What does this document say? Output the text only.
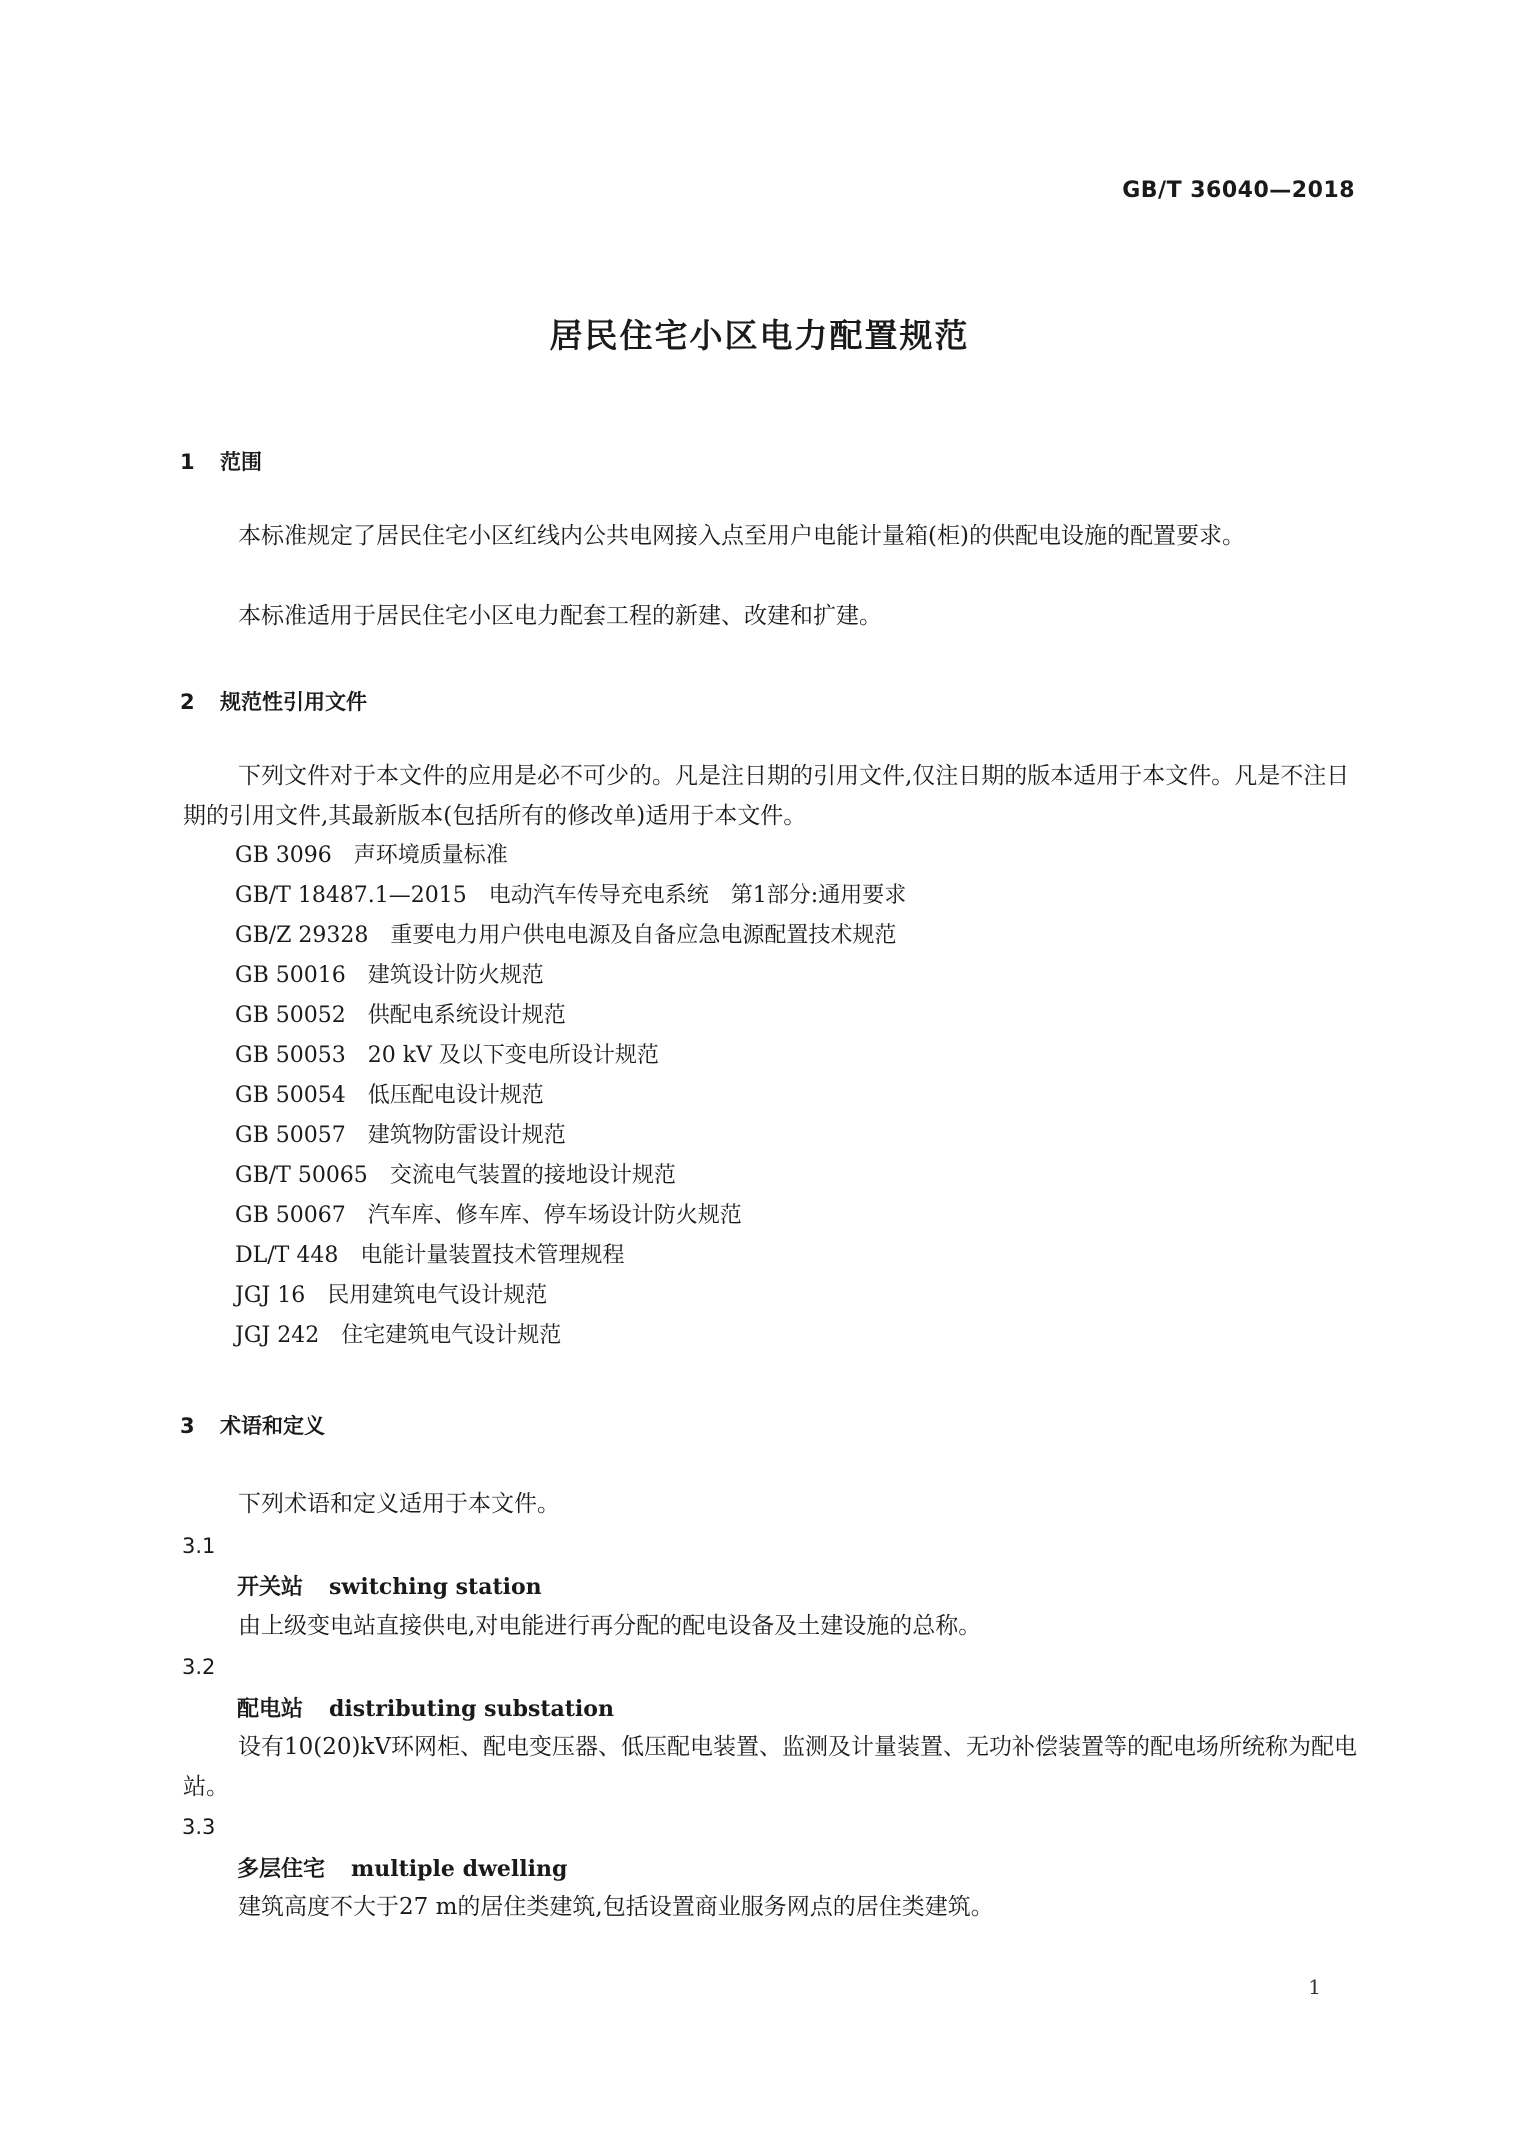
GB/T 36040—2018
居民住宅小区电力配置规范
1 范围
本标准规定了居民住宅小区红线内公共电网接入点至用户电能计量箱(柜)的供配电设施的配置要求。
本标准适用于居民住宅小区电力配套工程的新建、改建和扩建。
2 规范性引用文件
下列文件对于本文件的应用是必不可少的。凡是注日期的引用文件,仅注日期的版本适用于本文件。凡是不注日期的引用文件,其最新版本(包括所有的修改单)适用于本文件。
GB 3096 声环境质量标准
GB/T 18487.1—2015 电动汽车传导充电系统　第1部分:通用要求
GB/Z 29328 重要电力用户供电电源及自备应急电源配置技术规范
GB 50016 建筑设计防火规范
GB 50052 供配电系统设计规范
GB 50053 20 kV 及以下变电所设计规范
GB 50054 低压配电设计规范
GB 50057 建筑物防雷设计规范
GB/T 50065 交流电气装置的接地设计规范
GB 50067 汽车库、修车库、停车场设计防火规范
DL/T 448 电能计量装置技术管理规程
JGJ 16 民用建筑电气设计规范
JGJ 242 住宅建筑电气设计规范
3 术语和定义
下列术语和定义适用于本文件。
3.1
开关站 switching station
由上级变电站直接供电,对电能进行再分配的配电设备及土建设施的总称。
3.2
配电站 distributing substation
设有10(20)kV环网柜、配电变压器、低压配电装置、监测及计量装置、无功补偿装置等的配电场所统称为配电站。
3.3
多层住宅 multiple dwelling
建筑高度不大于27 m的居住类建筑,包括设置商业服务网点的居住类建筑。
1
